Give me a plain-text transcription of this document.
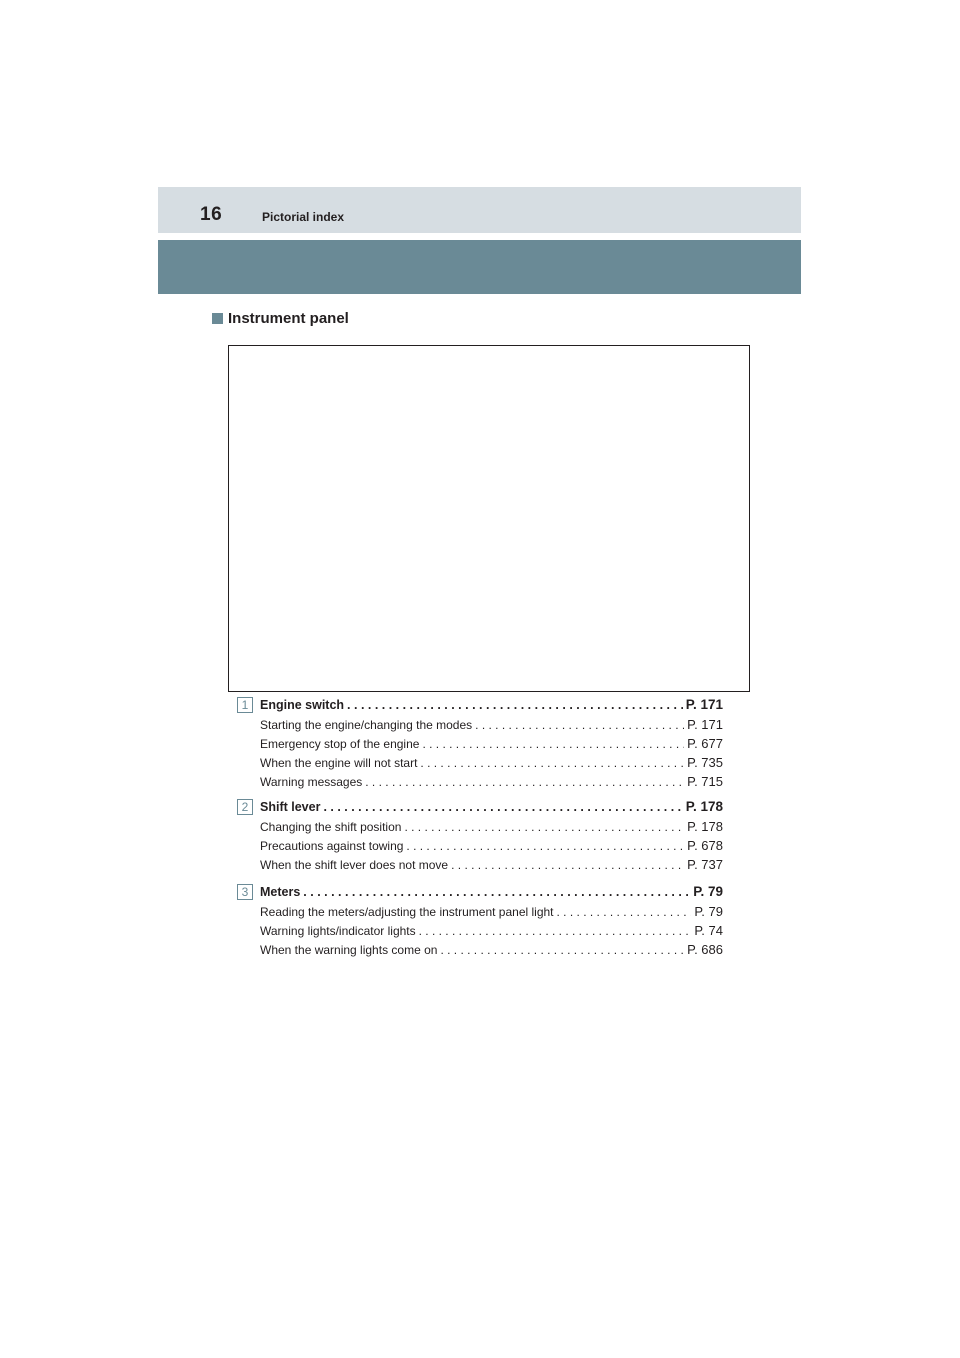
16	Pictorial index
Instrument panel
1 Engine switch . . .	P. 171
Starting the engine/changing the modes . . .	P. 171
Emergency stop of the engine . . .	P. 677
When the engine will not start . . .	P. 735
Warning messages . . .	P. 715
2 Shift lever . . .	P. 178
Changing the shift position . . .	P. 178
Precautions against towing . . .	P. 678
When the shift lever does not move . . .	P. 737
3 Meters . . .	P. 79
Reading the meters/adjusting the instrument panel light . . .	P. 79
Warning lights/indicator lights . . .	P. 74
When the warning lights come on . . .	P. 686
